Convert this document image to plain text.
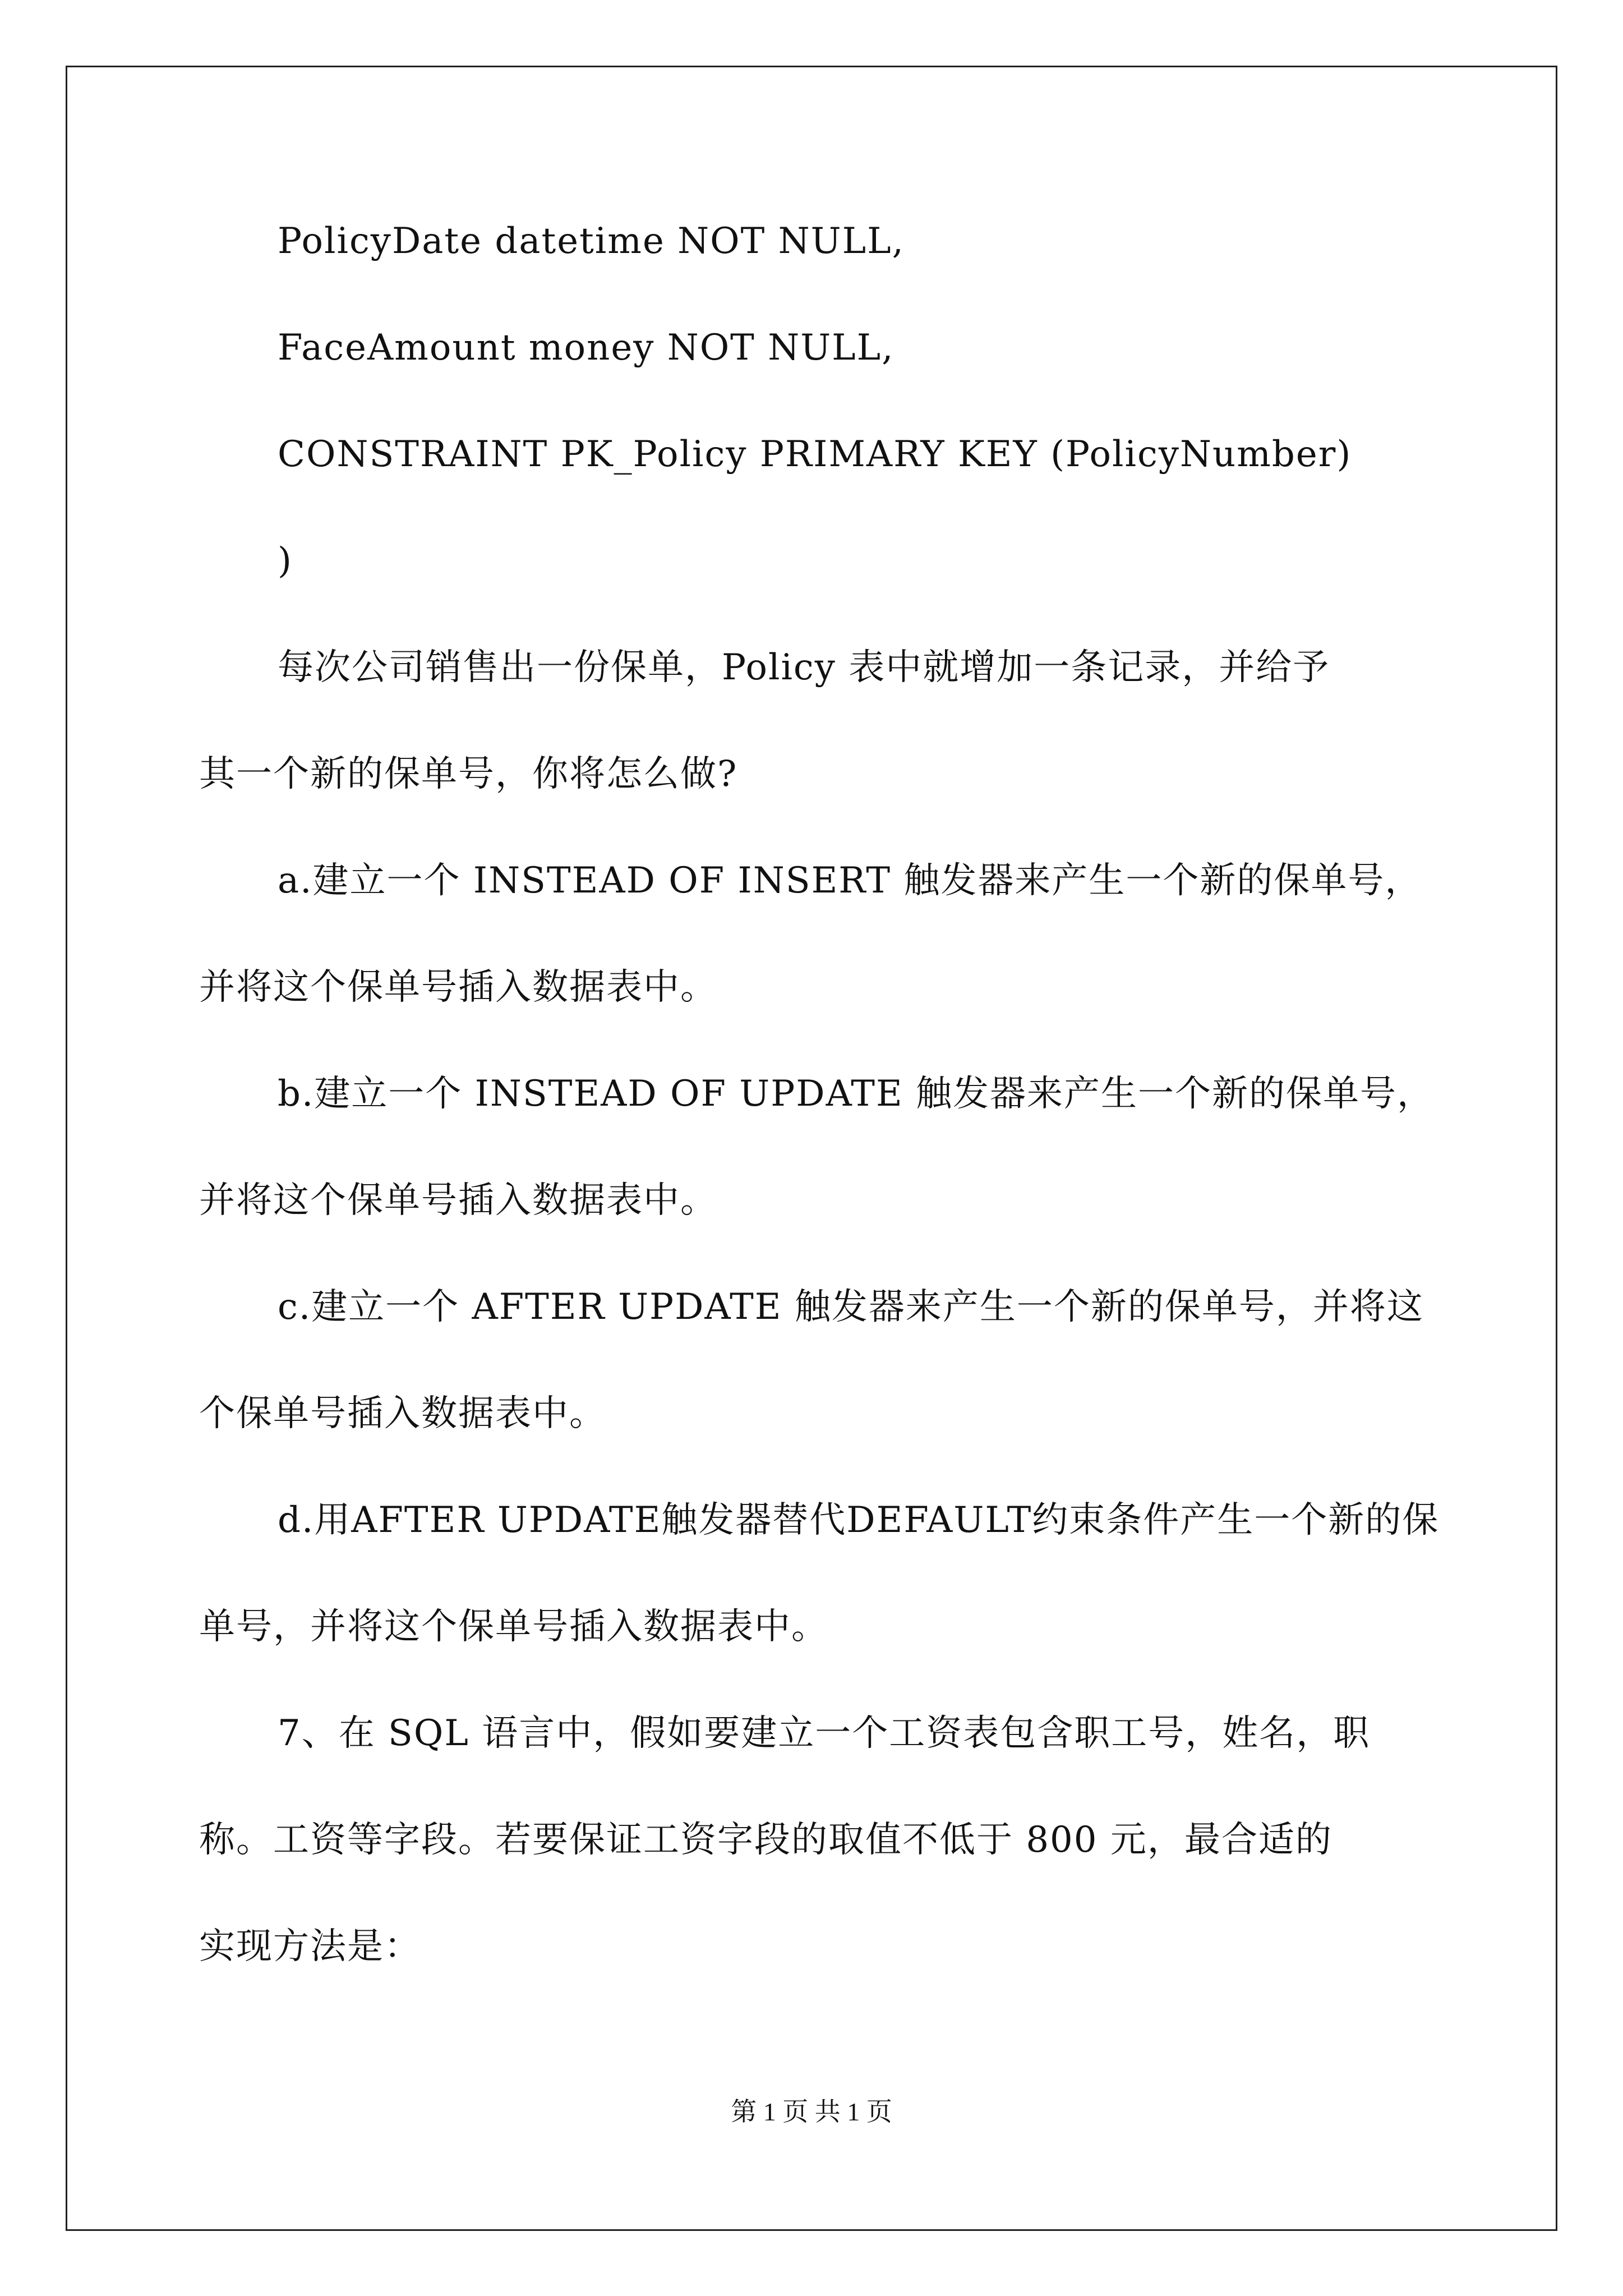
PolicyDate datetime NOT NULL,
FaceAmount money NOT NULL,
CONSTRAINT PK_Policy PRIMARY KEY (PolicyNumber)
)
每次公司销售出一份保单，Policy 表中就增加一条记录，并给予
其一个新的保单号，你将怎么做?
a.建立一个 INSTEAD OF INSERT 触发器来产生一个新的保单号，
并将这个保单号插入数据表中。
b.建立一个 INSTEAD OF UPDATE 触发器来产生一个新的保单号，
并将这个保单号插入数据表中。
c.建立一个 AFTER UPDATE 触发器来产生一个新的保单号，并将这
个保单号插入数据表中。
d.用AFTER UPDATE触发器替代DEFAULT约束条件产生一个新的保
单号，并将这个保单号插入数据表中。
7、在 SQL 语言中，假如要建立一个工资表包含职工号，姓名，职
称。工资等字段。若要保证工资字段的取值不低于 800 元，最合适的
实现方法是：
第 1 页 共 1 页
